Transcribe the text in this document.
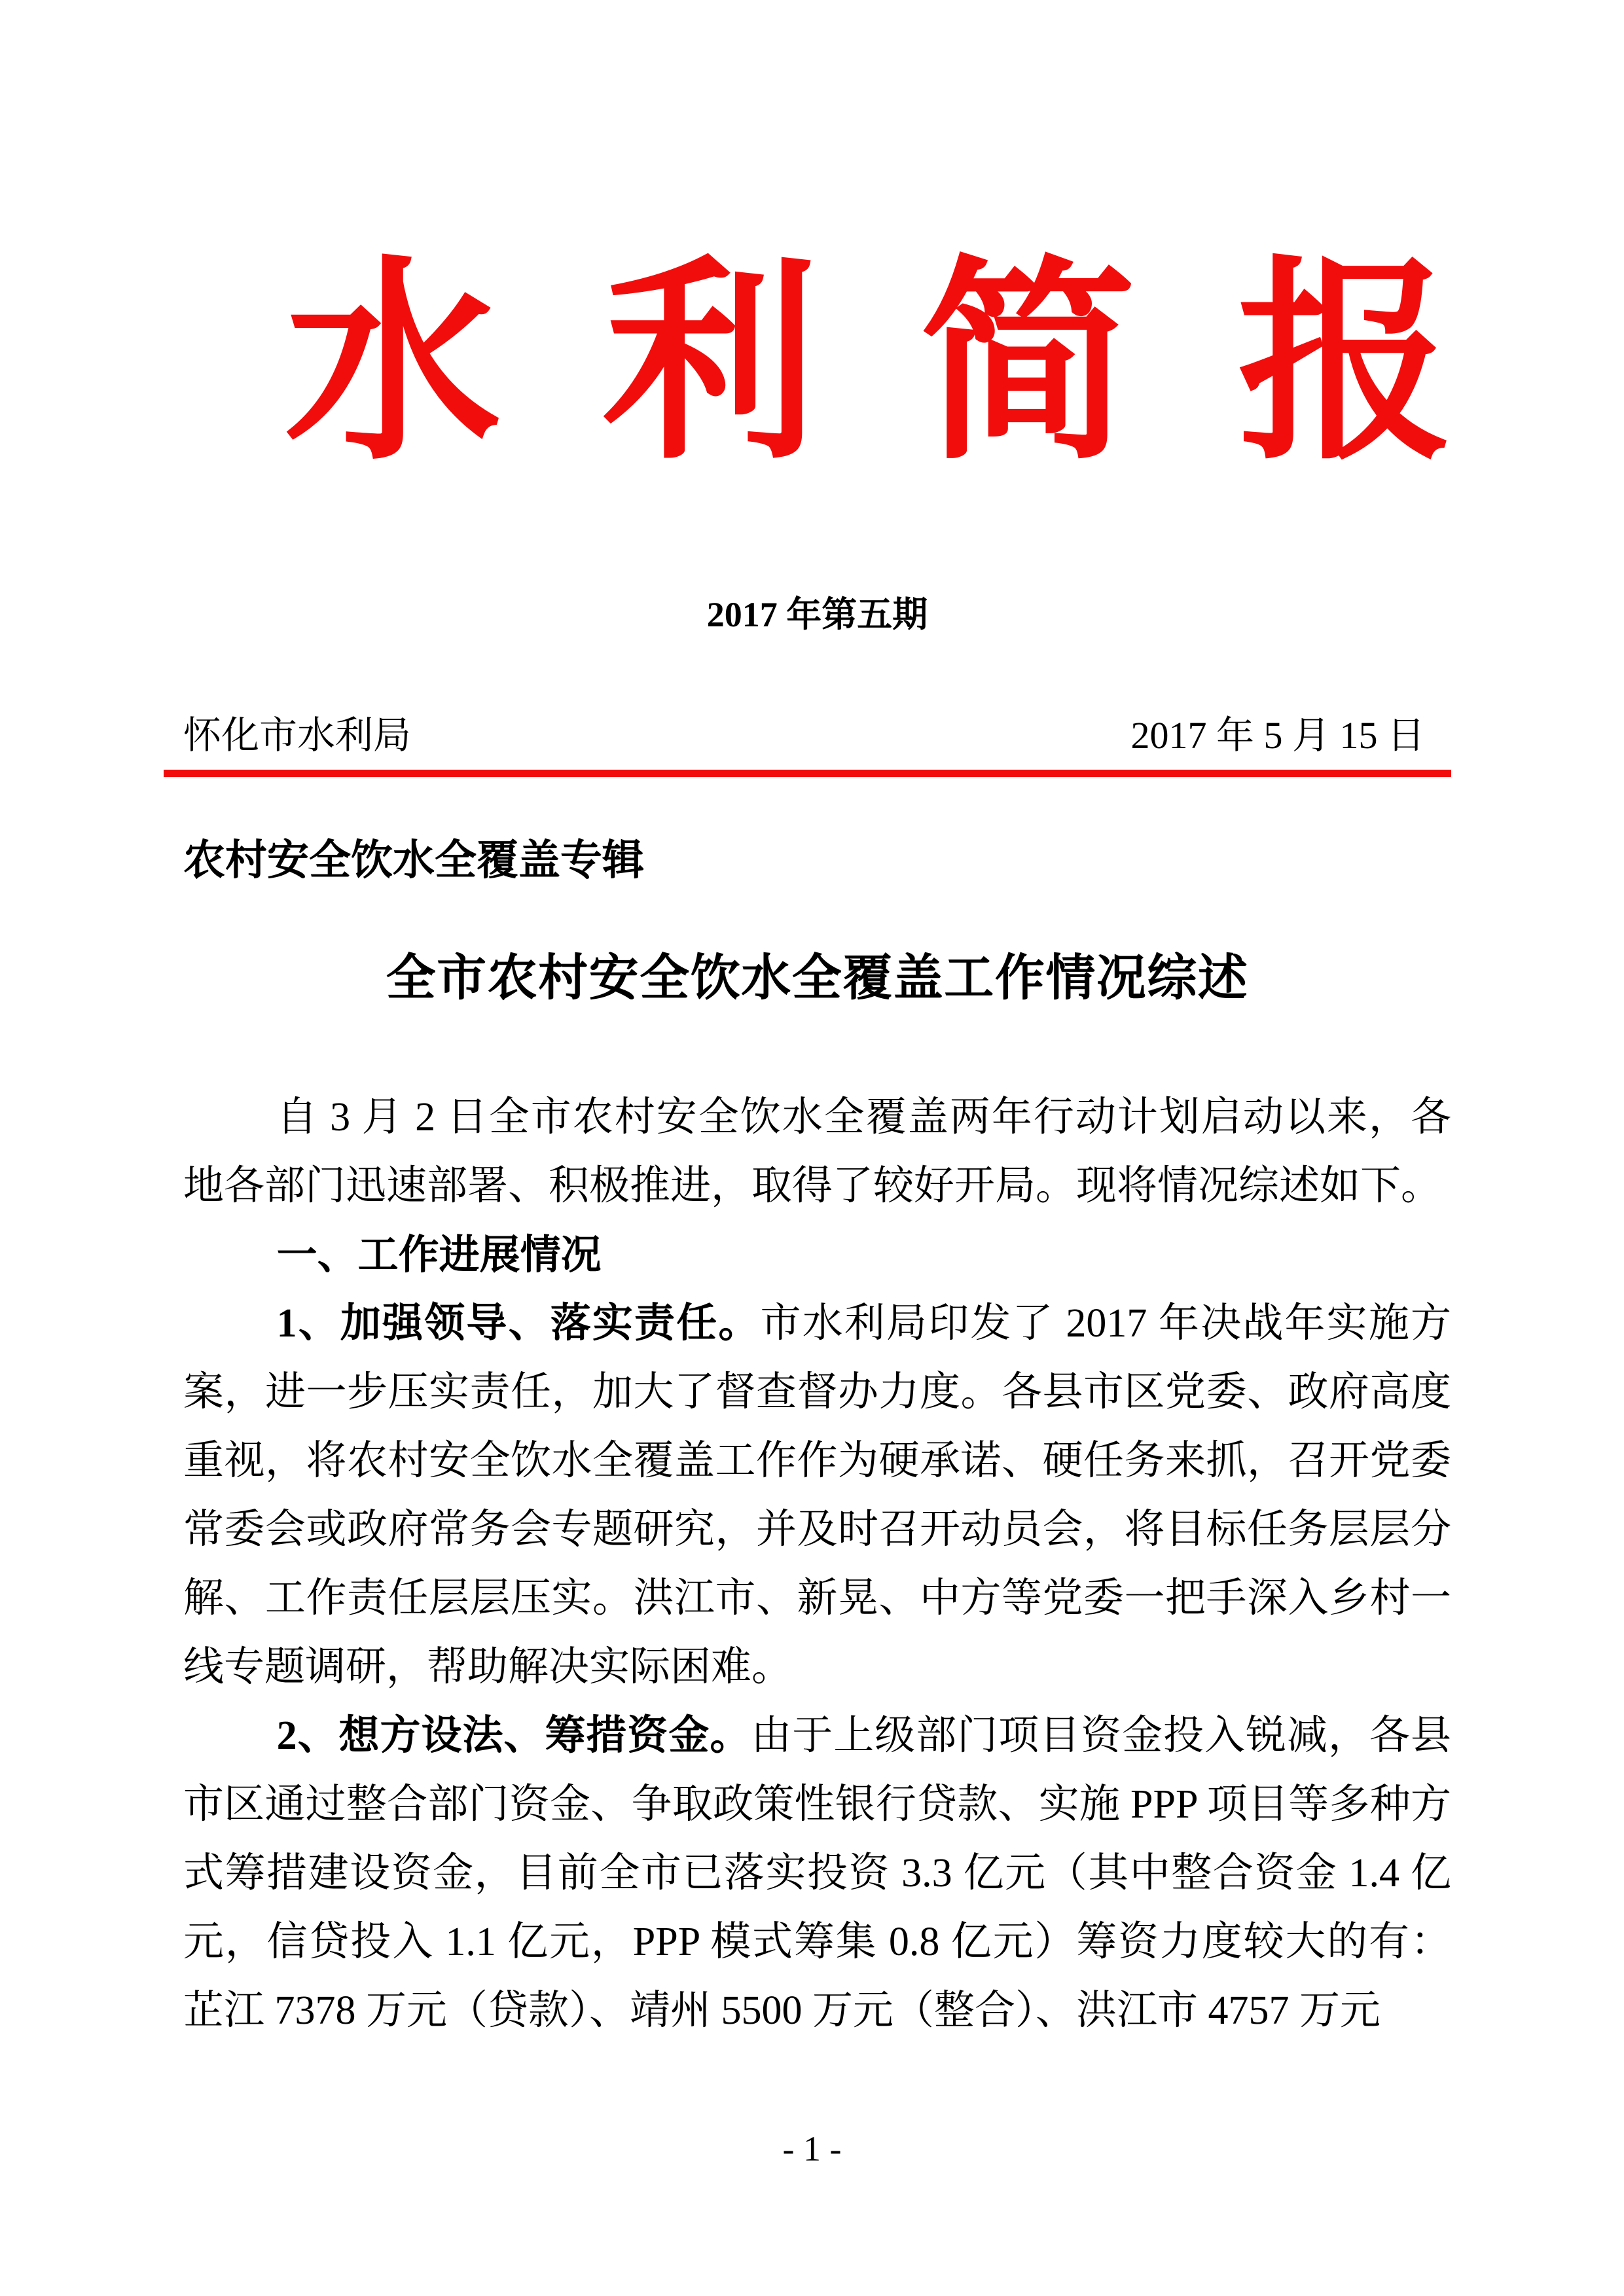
水利简报
2017 年第五期
怀化市水利局	2017 年 5 月 15 日
农村安全饮水全覆盖专辑
全市农村安全饮水全覆盖工作情况综述

自 3 月 2 日全市农村安全饮水全覆盖两年行动计划启动以来，各地各部门迅速部署、积极推进，取得了较好开局。现将情况综述如下。

一、工作进展情况

1、加强领导、落实责任。市水利局印发了 2017 年决战年实施方案，进一步压实责任，加大了督查督办力度。各县市区党委、政府高度重视，将农村安全饮水全覆盖工作作为硬承诺、硬任务来抓，召开党委常委会或政府常务会专题研究，并及时召开动员会，将目标任务层层分解、工作责任层层压实。洪江市、新晃、中方等党委一把手深入乡村一线专题调研，帮助解决实际困难。

2、想方设法、筹措资金。由于上级部门项目资金投入锐减，各县市区通过整合部门资金、争取政策性银行贷款、实施 PPP 项目等多种方式筹措建设资金，目前全市已落实投资 3.3 亿元（其中整合资金 1.4 亿元，信贷投入 1.1 亿元，PPP 模式筹集 0.8 亿元）筹资力度较大的有：芷江 7378 万元（贷款）、靖州 5500 万元（整合）、洪江市 4757 万元

- 1 -
